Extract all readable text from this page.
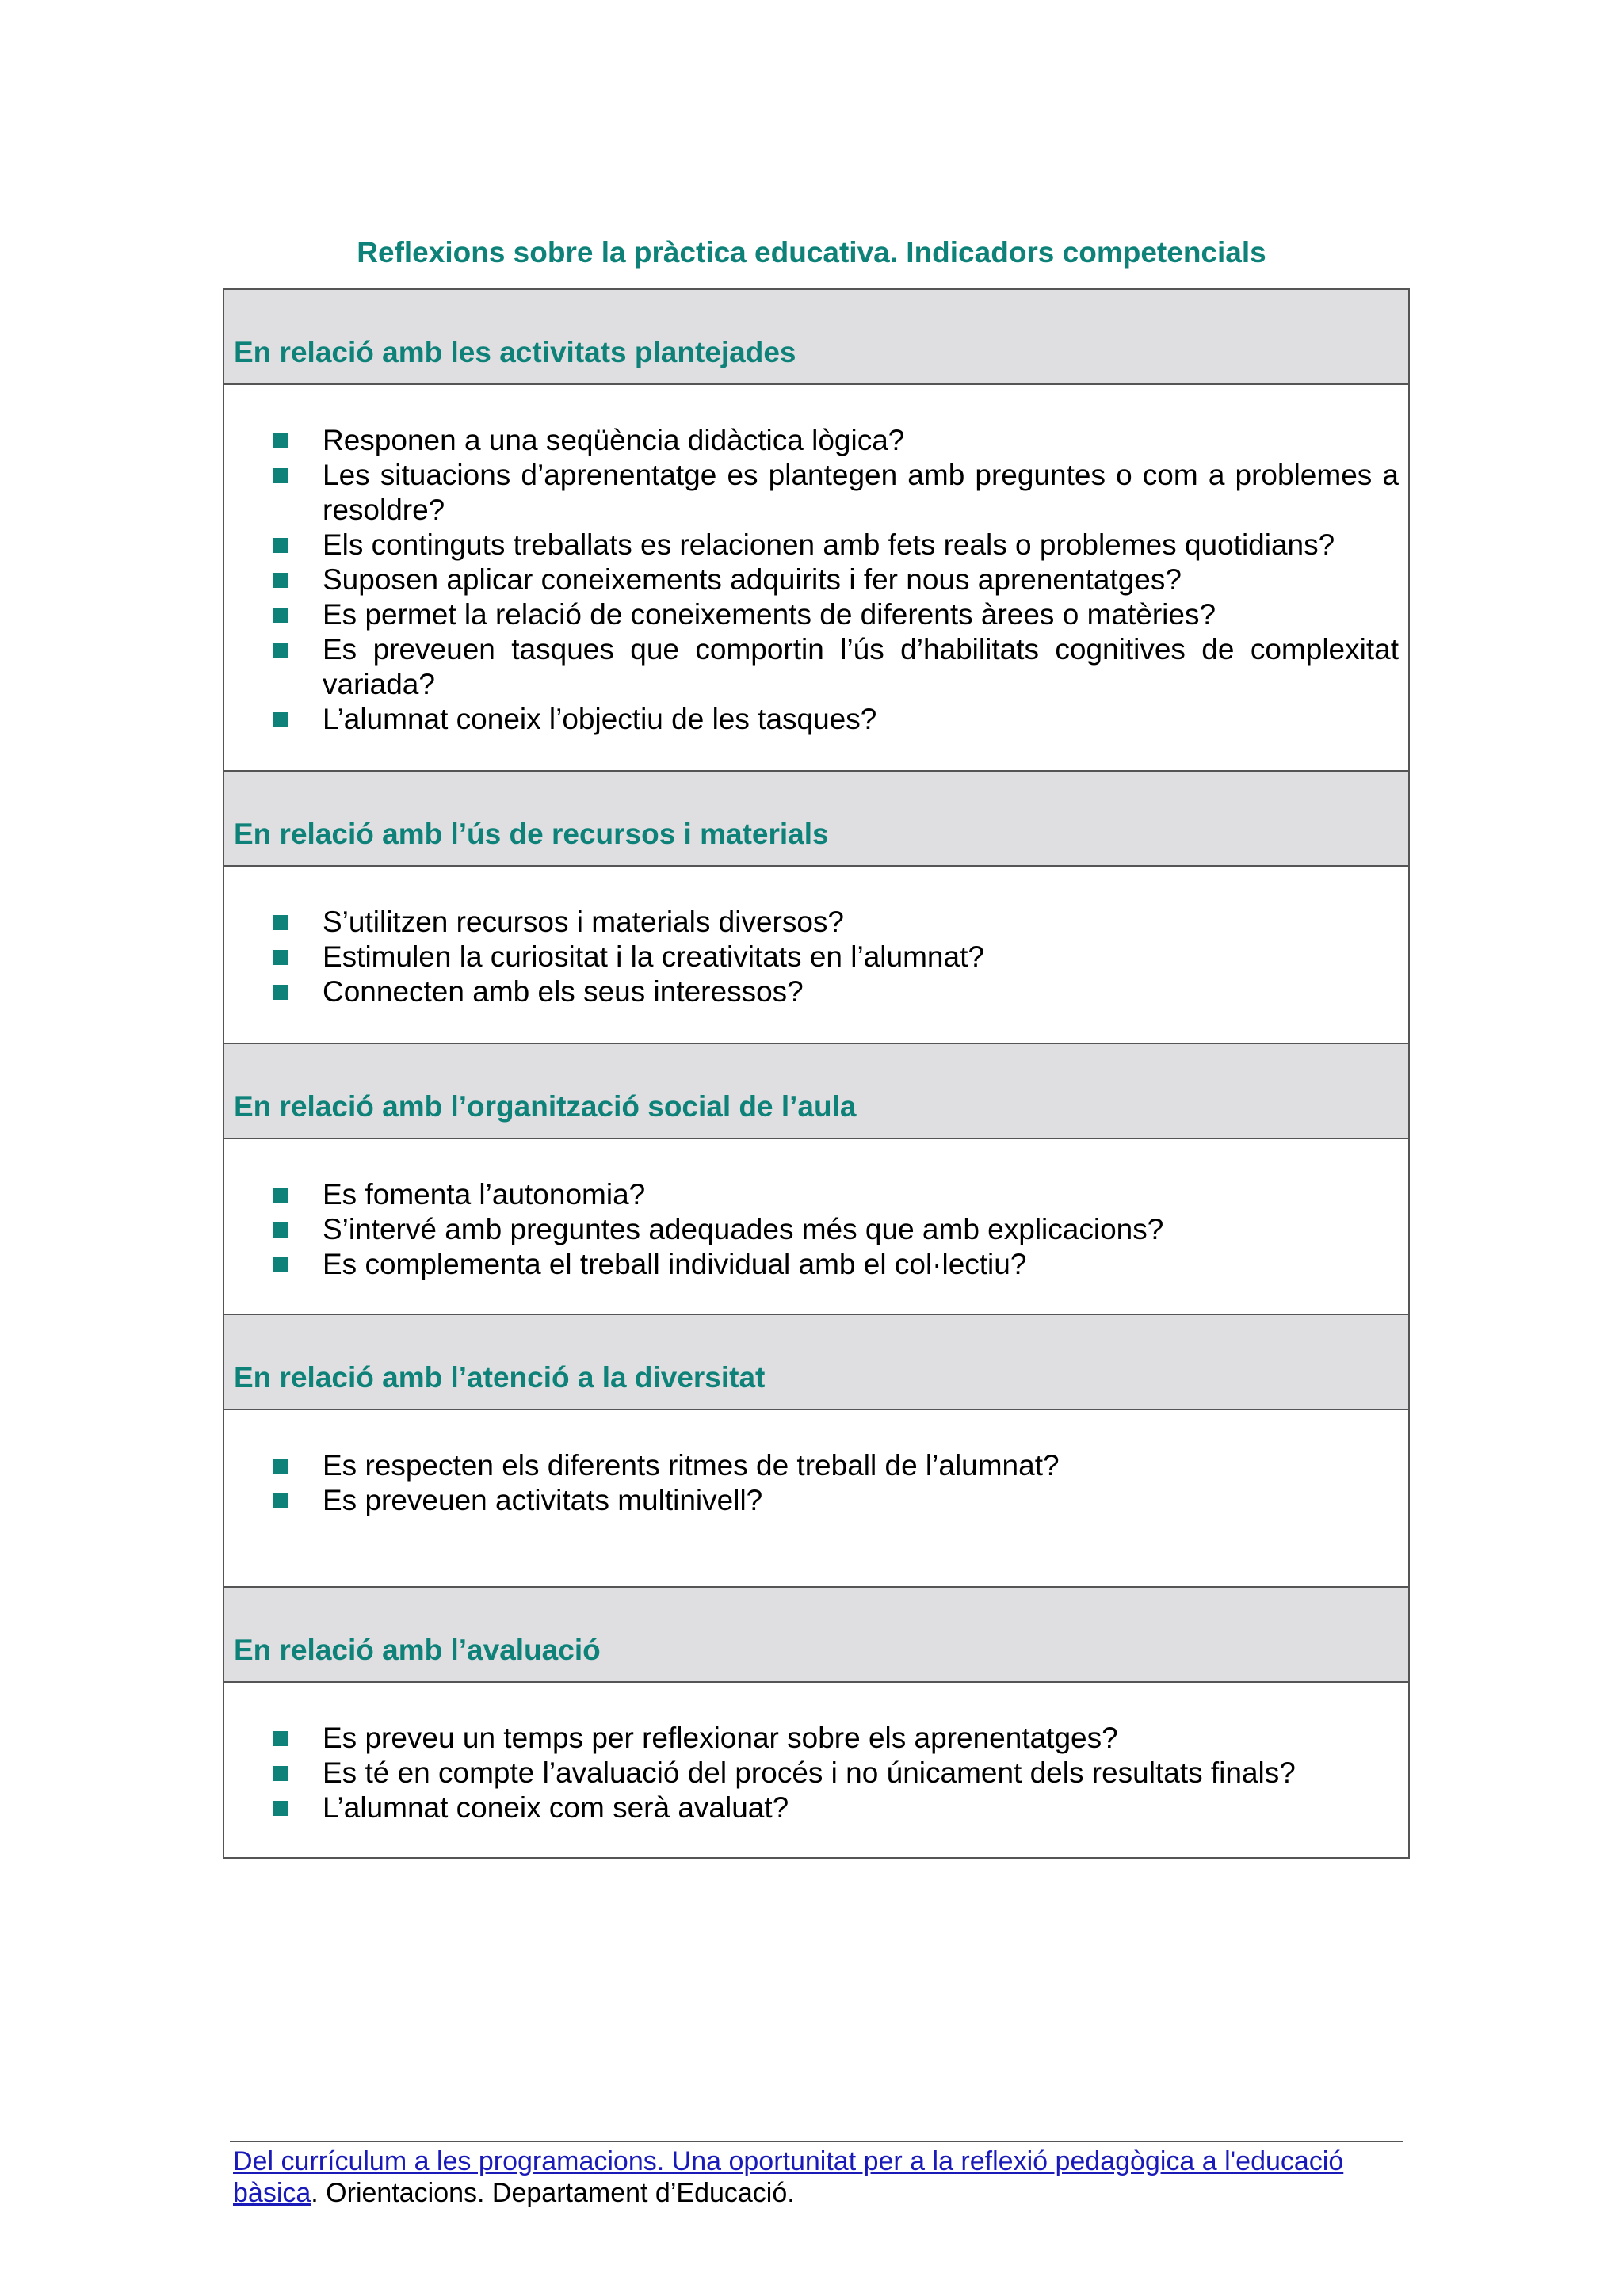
Reflexions sobre la pràctica educativa. Indicadors competencials
En relació amb les activitats plantejades
Responen a una seqüència didàctica lògica?
Les situacions d’aprenentatge es plantegen amb preguntes o com a problemes a resoldre?
Els continguts treballats es relacionen amb fets reals o problemes quotidians?
Suposen aplicar coneixements adquirits i fer nous aprenentatges?
Es permet la relació de coneixements de diferents àrees o matèries?
Es preveuen tasques que comportin l’ús d’habilitats cognitives de complexitat variada?
L’alumnat coneix l’objectiu de les tasques?
En relació amb l’ús de recursos i materials
S’utilitzen recursos i materials diversos?
Estimulen la curiositat i la creativitats en l’alumnat?
Connecten amb els seus interessos?
En relació amb l’organització social de l’aula
Es fomenta l’autonomia?
S’intervé amb preguntes adequades més que amb explicacions?
Es complementa el treball individual amb el col·lectiu?
En relació amb l’atenció a la diversitat
Es respecten els diferents ritmes de treball de l’alumnat?
Es preveuen activitats multinivell?
En relació amb l’avaluació
Es preveu un temps per reflexionar sobre els aprenentatges?
Es té en compte l’avaluació del procés i no únicament dels resultats finals?
L’alumnat coneix com serà avaluat?
Del currículum a les programacions. Una oportunitat per a la reflexió pedagògica a l'educació bàsica. Orientacions. Departament d’Educació.
